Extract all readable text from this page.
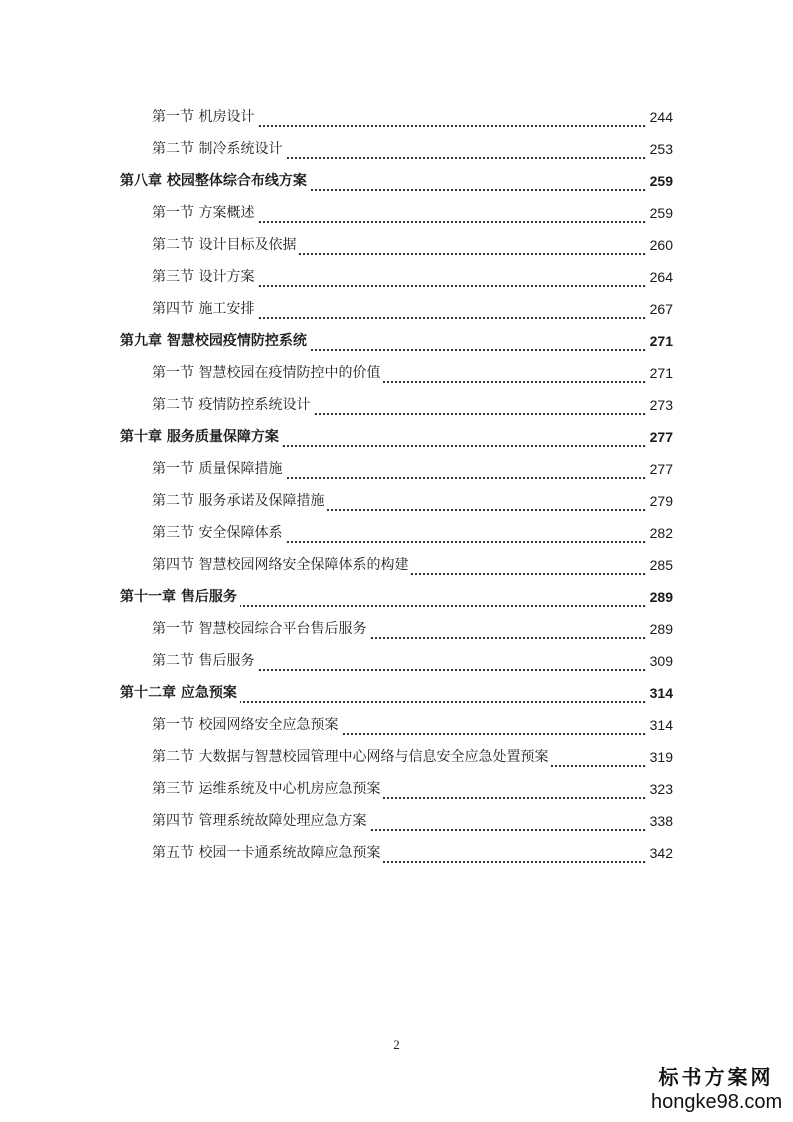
第一节 机房设计	244
第二节 制冷系统设计	253
第八章 校园整体综合布线方案	259
第一节 方案概述	259
第二节 设计目标及依据	260
第三节 设计方案	264
第四节 施工安排	267
第九章 智慧校园疫情防控系统	271
第一节 智慧校园在疫情防控中的价值	271
第二节 疫情防控系统设计	273
第十章 服务质量保障方案	277
第一节 质量保障措施	277
第二节 服务承诺及保障措施	279
第三节 安全保障体系	282
第四节 智慧校园网络安全保障体系的构建	285
第十一章 售后服务	289
第一节 智慧校园综合平台售后服务	289
第二节 售后服务	309
第十二章 应急预案	314
第一节 校园网络安全应急预案	314
第二节 大数据与智慧校园管理中心网络与信息安全应急处置预案	319
第三节 运维系统及中心机房应急预案	323
第四节 管理系统故障处理应急方案	338
第五节 校园一卡通系统故障应急预案	342
2
标书方案网
hongke98.com
